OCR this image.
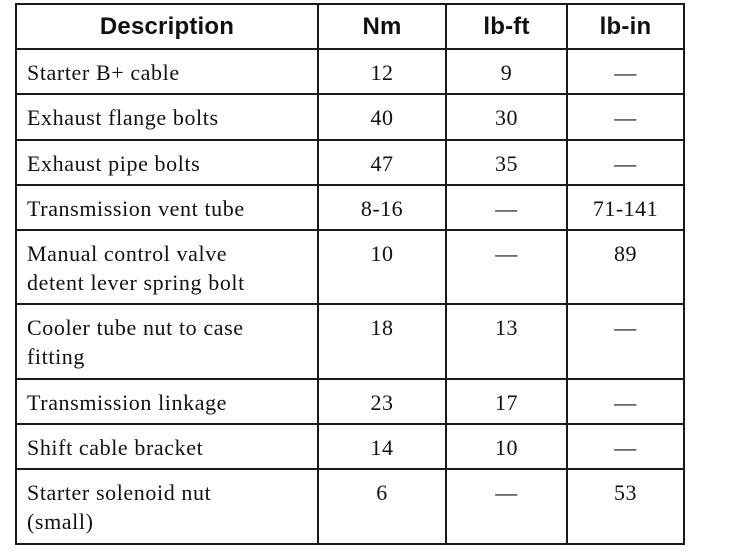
Description	Nm	lb-ft	lb-in
Starter B+ cable	12	9	—
Exhaust flange bolts	40	30	—
Exhaust pipe bolts	47	35	—
Transmission vent tube	8-16	—	71-141
Manual control valve
detent lever spring bolt	10	—	89
Cooler tube nut to case
fitting	18	13	—
Transmission linkage	23	17	—
Shift cable bracket	14	10	—
Starter solenoid nut
(small)	6	—	53
